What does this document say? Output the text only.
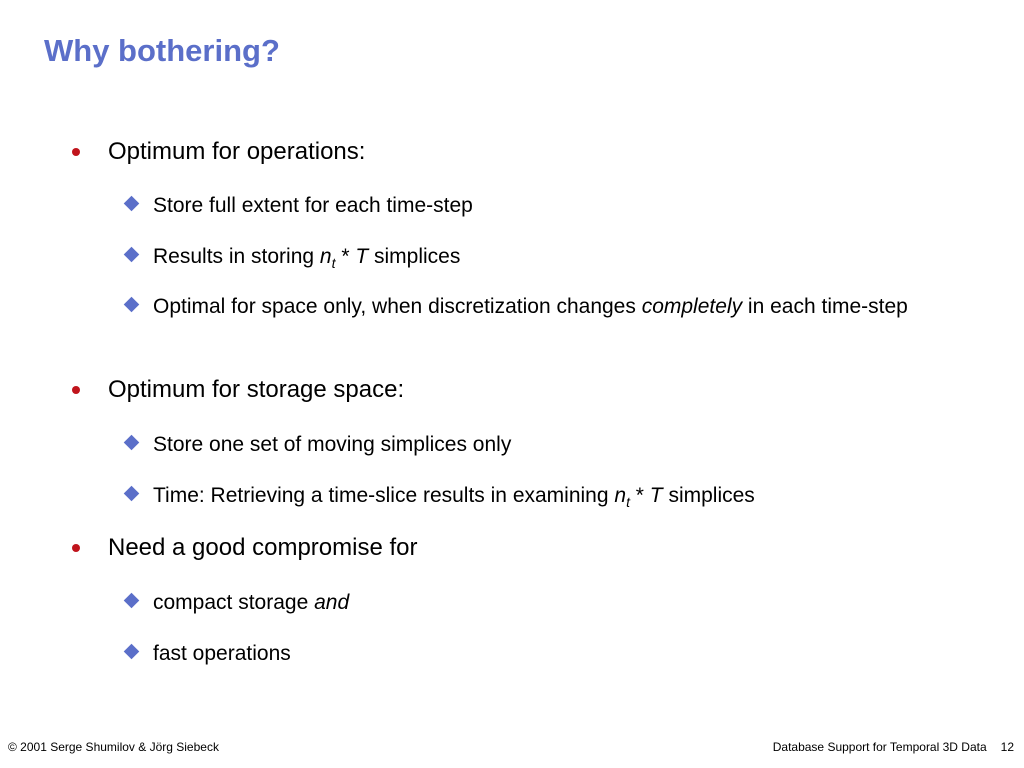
Why bothering?
Optimum for operations:
Store full extent for each time-step
Results in storing $n_t$ * T simplices
Optimal for space only, when discretization changes completely in each time-step
Optimum for storage space:
Store one set of moving simplices only
Time: Retrieving a time-slice results in examining $n_t$ * T simplices
Need a good compromise for
compact storage and
fast operations
© 2001 Serge Shumilov & Jörg Siebeck	Database Support for Temporal 3D Data 12
